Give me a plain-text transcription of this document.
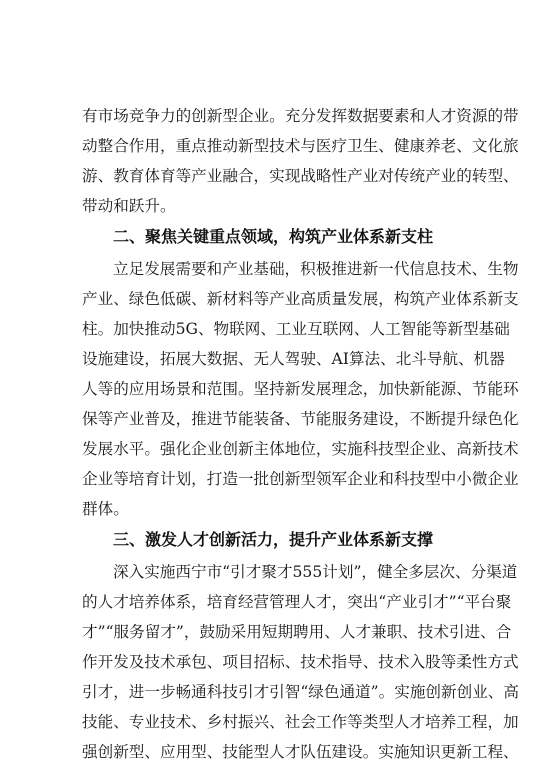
有市场竞争力的创新型企业。充分发挥数据要素和人才资源的带
动整合作用，重点推动新型技术与医疗卫生、健康养老、文化旅
游、教育体育等产业融合，实现战略性产业对传统产业的转型、
带动和跃升。
二、聚焦关键重点领域，构筑产业体系新支柱
立足发展需要和产业基础，积极推进新一代信息技术、生物
产业、绿色低碳、新材料等产业高质量发展，构筑产业体系新支
柱。加快推动5G、物联网、工业互联网、人工智能等新型基础
设施建设，拓展大数据、无人驾驶、AI算法、北斗导航、机器
人等的应用场景和范围。坚持新发展理念，加快新能源、节能环
保等产业普及，推进节能装备、节能服务建设，不断提升绿色化
发展水平。强化企业创新主体地位，实施科技型企业、高新技术
企业等培育计划，打造一批创新型领军企业和科技型中小微企业
群体。
三、激发人才创新活力，提升产业体系新支撑
深入实施西宁市“引才聚才555计划”，健全多层次、分渠道
的人才培养体系，培育经营管理人才，突出“产业引才”“平台聚
才”“服务留才”，鼓励采用短期聘用、人才兼职、技术引进、合
作开发及技术承包、项目招标、技术指导、技术入股等柔性方式
引才，进一步畅通科技引才引智“绿色通道”。实施创新创业、高
技能、专业技术、乡村振兴、社会工作等类型人才培养工程，加
强创新型、应用型、技能型人才队伍建设。实施知识更新工程、
